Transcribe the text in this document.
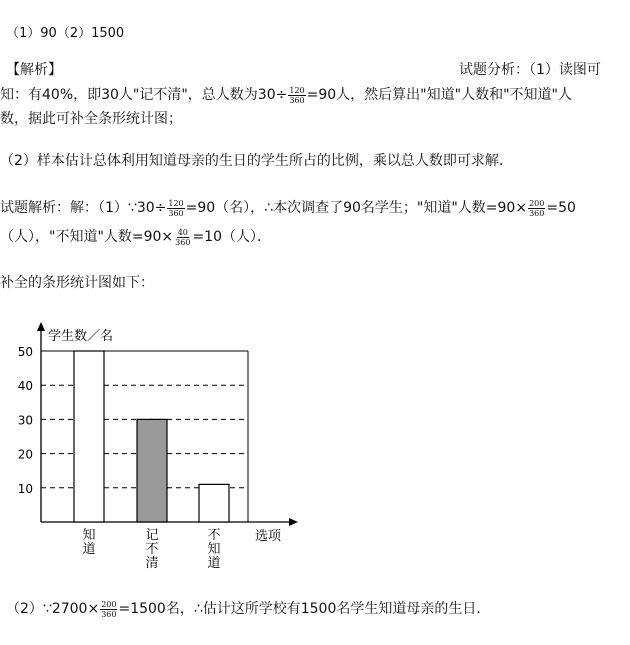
（1）90（2）1500
【解析】	试题分析：（1）读图可
知：有40%，即30人"记不清"，总人数为$30\div \frac{120}{360} =90$人，然后算出"知道"人数和"不知道"人
数，据此可补全条形统计图；
（2）样本估计总体利用知道母亲的生日的学生所占的比例，乘以总人数即可求解．
试题解析：解：（1）∵30÷ $\frac{120}{360} =90$（名），∴本次调查了90名学生；"知道"人数$=90\times \frac{200}{360} =50$
（人），"不知道"人数$=90\times \frac{40}{360} =10$（人）．
补全的条形统计图如下：
10
20
30
40
50
学生数／名
选项
知
道
记
不
清
不
知
道
（2）∵2700× $\frac{200}{360} =1500$名，∴估计这所学校有1500名学生知道母亲的生日．
